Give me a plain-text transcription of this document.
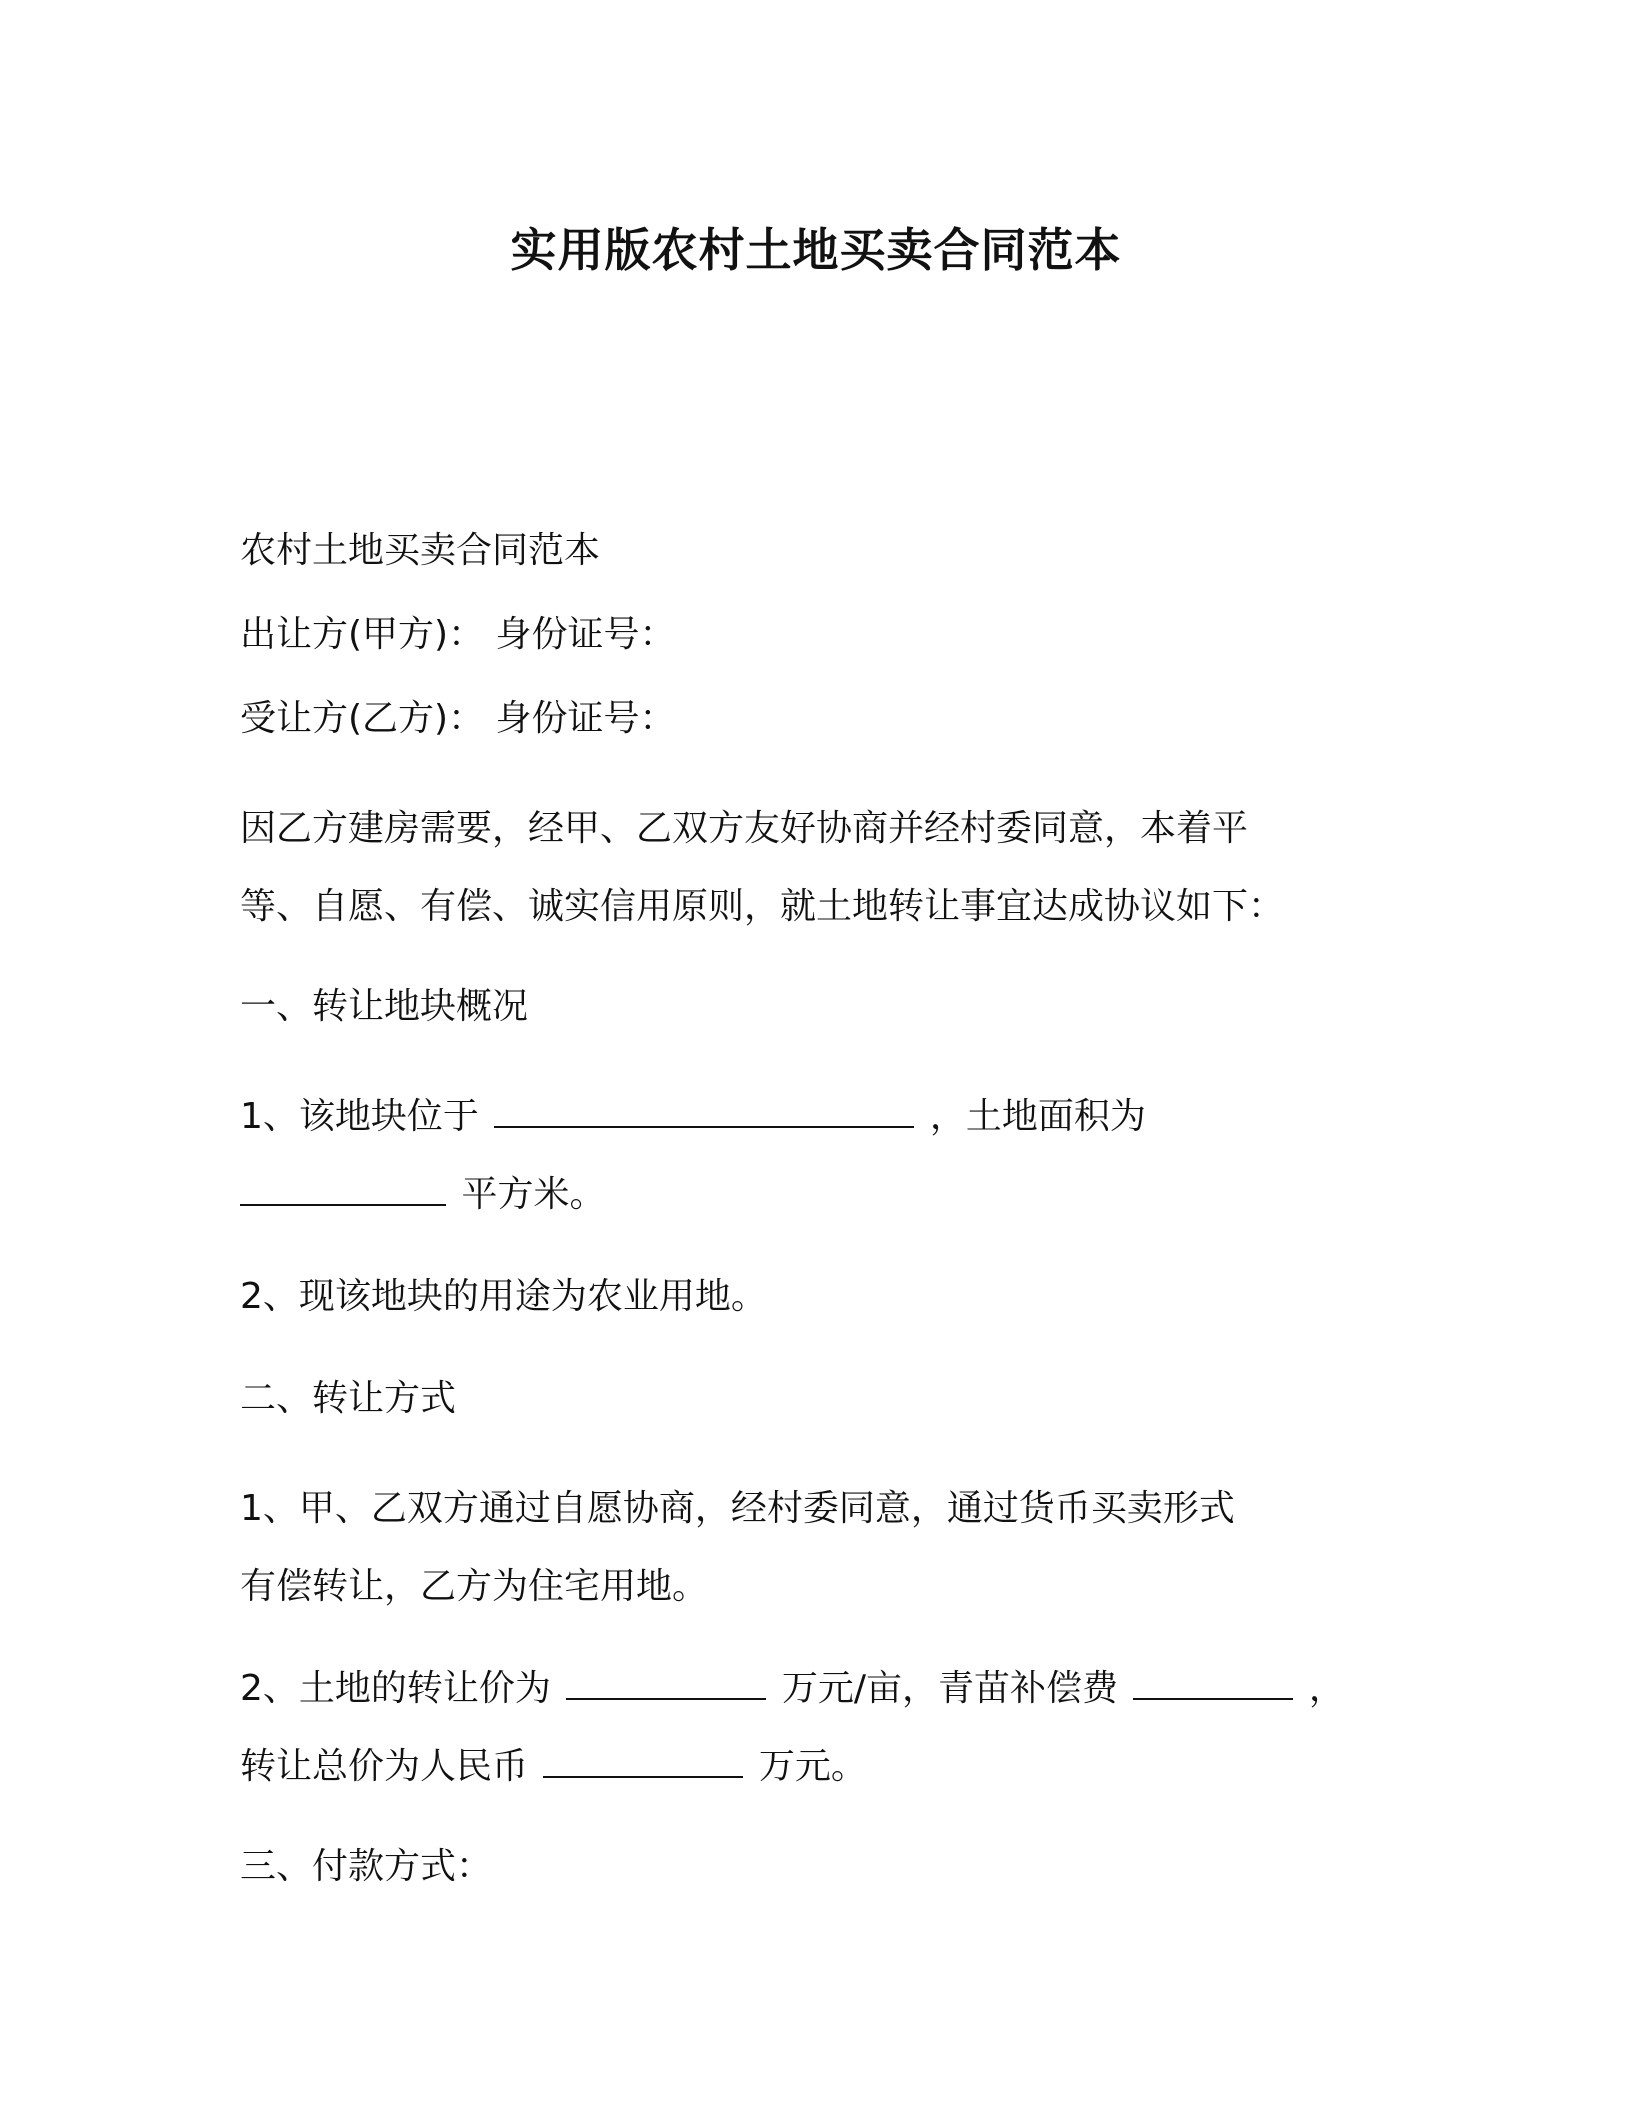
实用版农村土地买卖合同范本

农村土地买卖合同范本

出让方(甲方)： 身份证号：

受让方(乙方)： 身份证号：

因乙方建房需要，经甲、乙双方友好协商并经村委同意，本着平

等、自愿、有偿、诚实信用原则，就土地转让事宜达成协议如下：

一、转让地块概况

1、该地块位于	，土地面积为

平方米。

2、现该地块的用途为农业用地。

二、转让方式

1、甲、乙双方通过自愿协商，经村委同意，通过货币买卖形式

有偿转让，乙方为住宅用地。

2、土地的转让价为	万元/亩，青苗补偿费	，

转让总价为人民币	万元。

三、付款方式：
